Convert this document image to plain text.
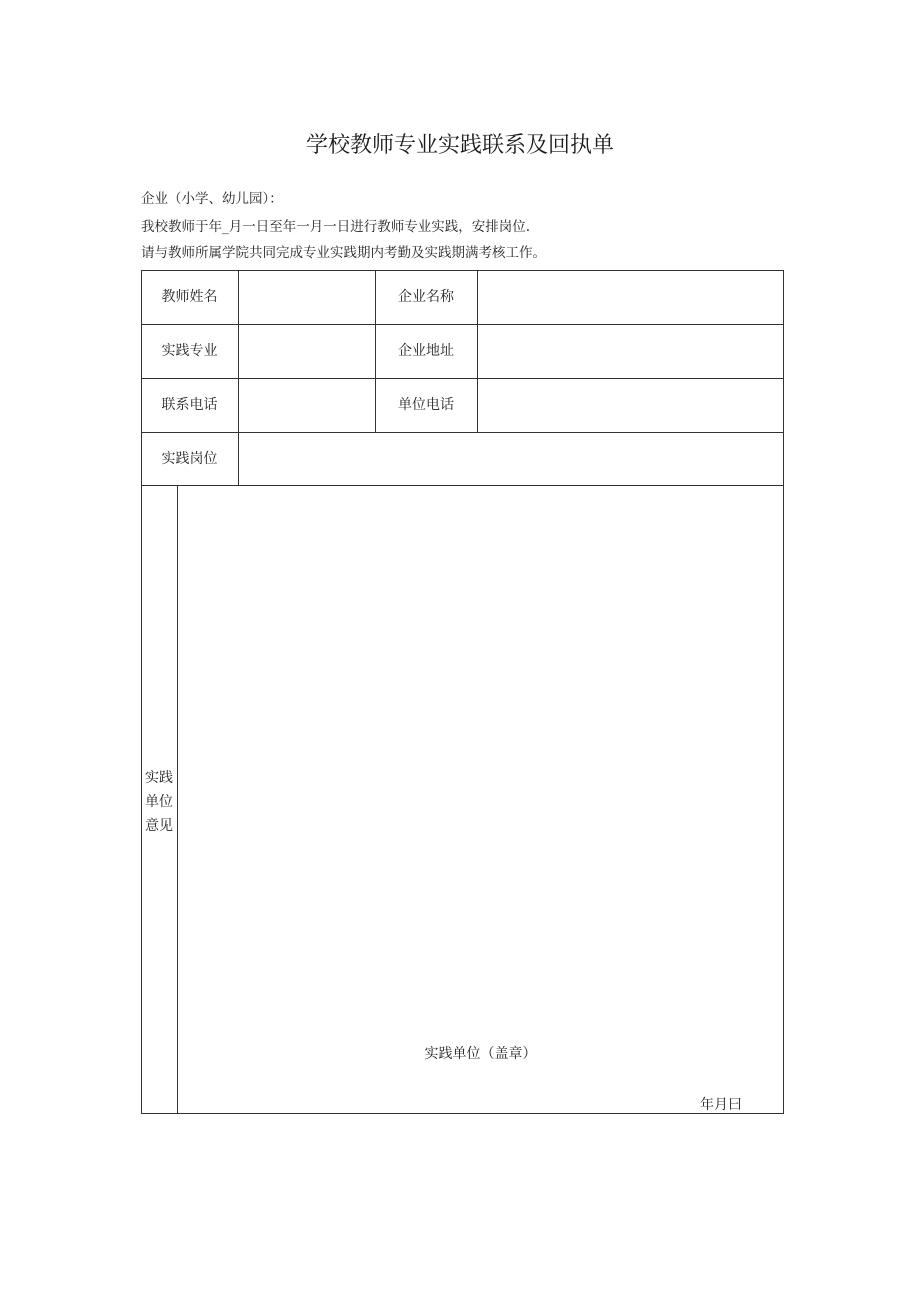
学校教师专业实践联系及回执单
企业（小学、幼儿园）：
我校教师于年_月一日至年一月一日进行教师专业实践，安排岗位.
请与教师所属学院共同完成专业实践期内考勤及实践期满考核工作。
教师姓名	企业名称
实践专业	企业地址
联系电话	单位电话
实践岗位
实践
单位
意见
实践单位（盖章）
年月曰
